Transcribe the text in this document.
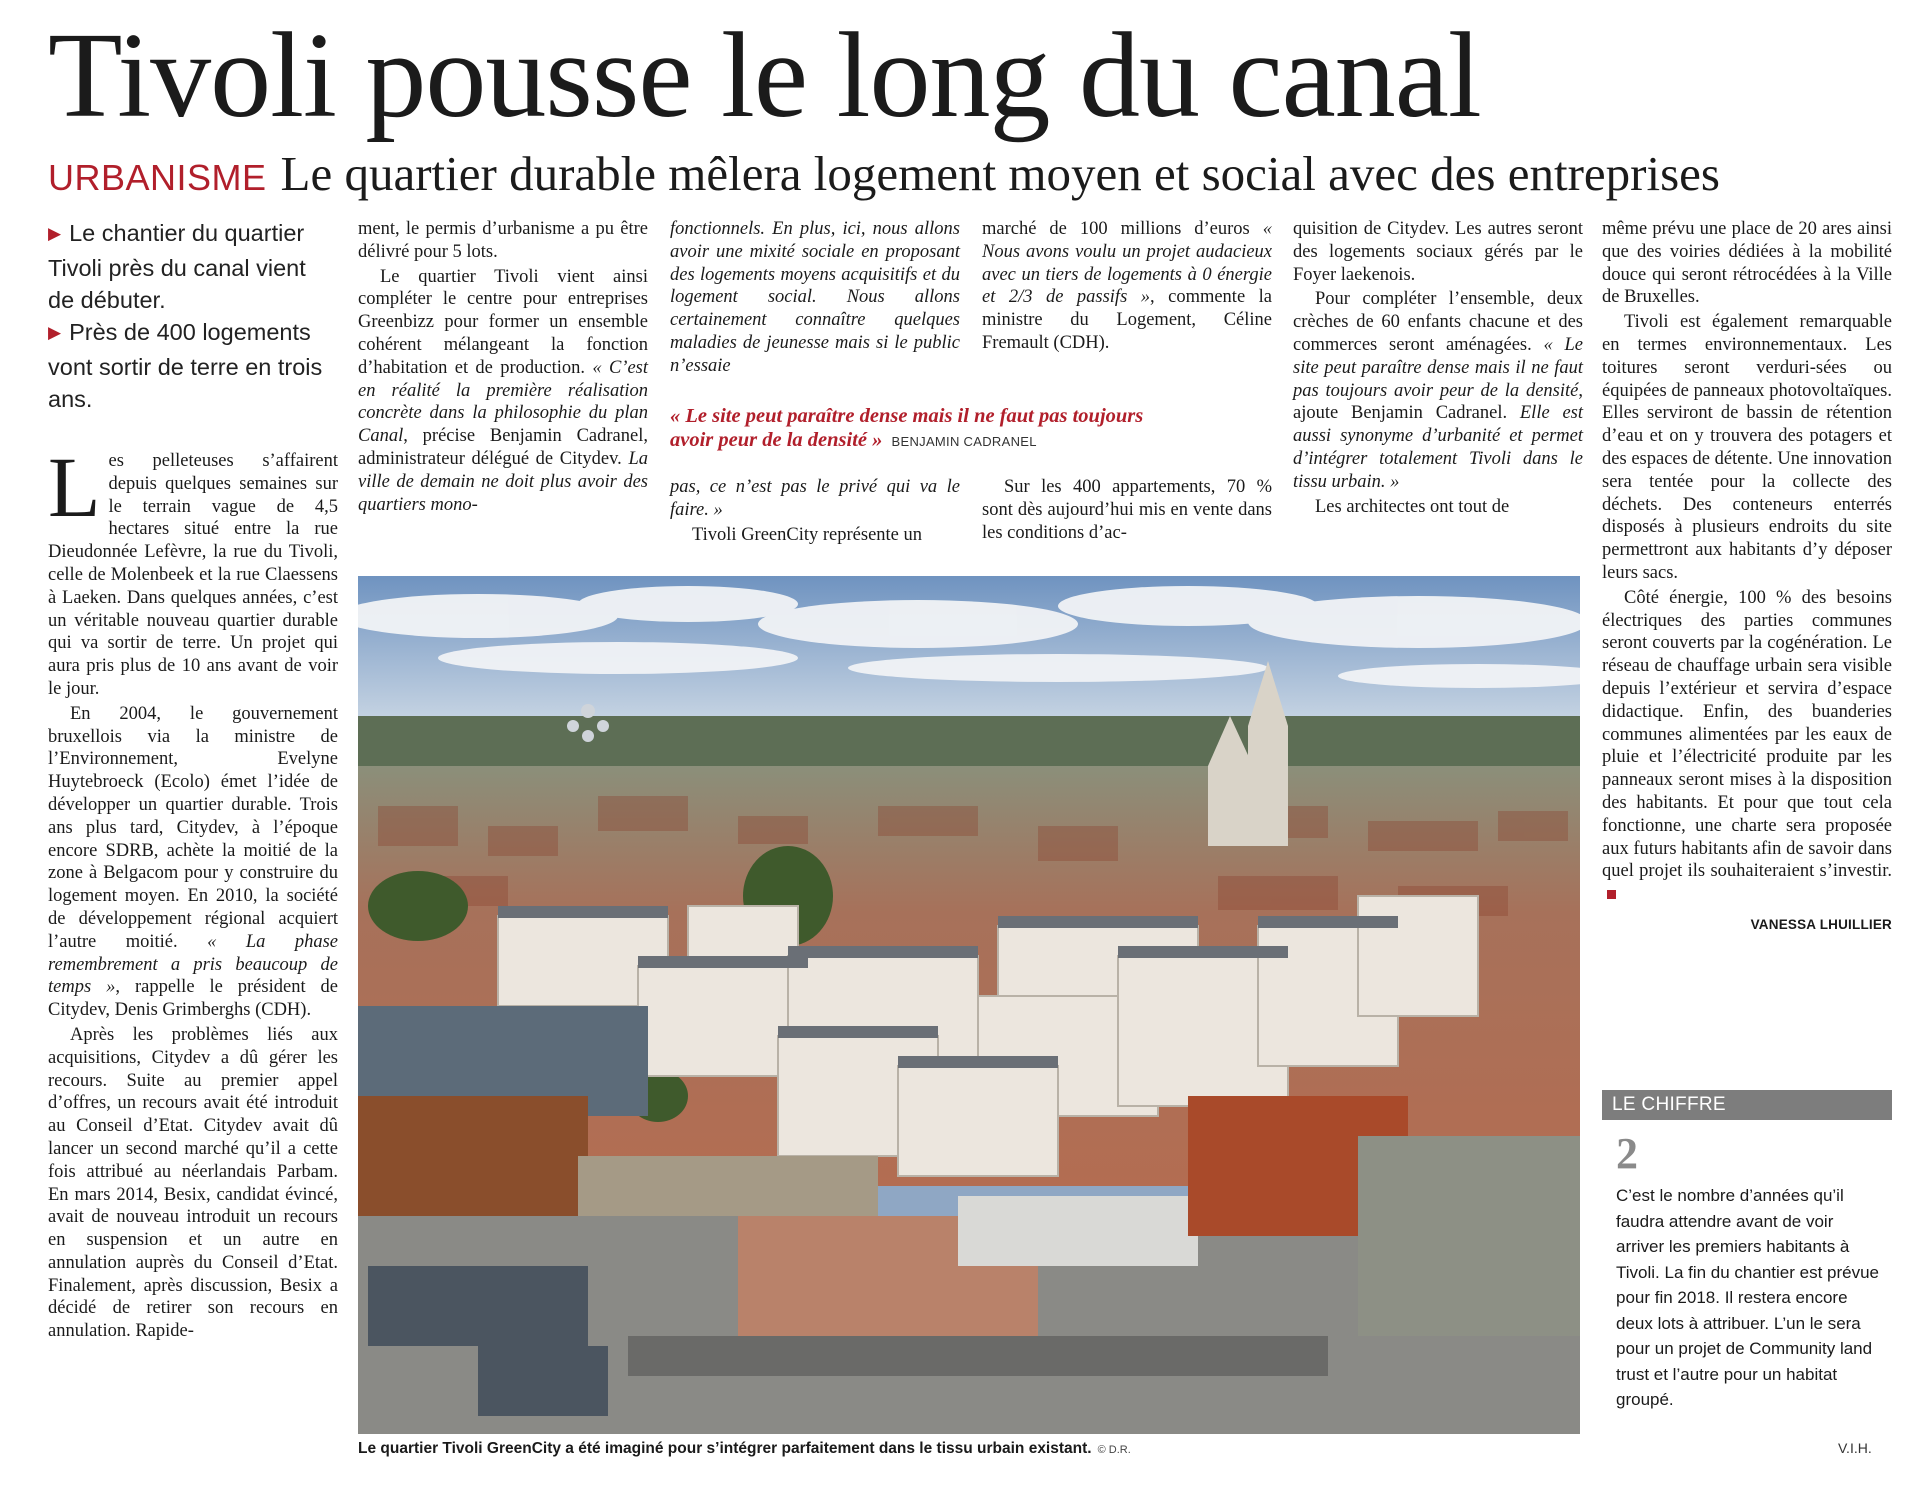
Tivoli pousse le long du canal
URBANISME Le quartier durable mêlera logement moyen et social avec des entreprises
▶ Le chantier du quartier Tivoli près du canal vient de débuter.
▶ Près de 400 logements vont sortir de terre en trois ans.

Les pelleteuses s’affairent depuis quelques semaines sur le terrain vague de 4,5 hectares situé entre la rue Dieudonnée Lefèvre, la rue du Tivoli, celle de Molenbeek et la rue Claessens à Laeken. Dans quelques années, c’est un véritable nouveau quartier durable qui va sortir de terre. Un projet qui aura pris plus de 10 ans avant de voir le jour.

En 2004, le gouvernement bruxellois via la ministre de l’Environnement, Evelyne Huytebroeck (Ecolo) émet l’idée de développer un quartier durable. Trois ans plus tard, Citydev, à l’époque encore SDRB, achète la moitié de la zone à Belgacom pour y construire du logement moyen. En 2010, la société de développement régional acquiert l’autre moitié. « La phase remembrement a pris beaucoup de temps », rappelle le président de Citydev, Denis Grimberghs (CDH).

Après les problèmes liés aux acquisitions, Citydev a dû gérer les recours. Suite au premier appel d’offres, un recours avait été introduit au Conseil d’Etat. Citydev avait dû lancer un second marché qu’il a cette fois attribué au néerlandais Parbam. En mars 2014, Besix, candidat évincé, avait de nouveau introduit un recours en suspension et un autre en annulation auprès du Conseil d’Etat. Finalement, après discussion, Besix a décidé de retirer son recours en annulation. Rapide-

ment, le permis d’urbanisme a pu être délivré pour 5 lots.

Le quartier Tivoli vient ainsi compléter le centre pour entreprises Greenbizz pour former un ensemble cohérent mélangeant la fonction d’habitation et de production. « C’est en réalité la première réalisation concrète dans la philosophie du plan Canal, précise Benjamin Cadranel, administrateur délégué de Citydev. La ville de demain ne doit plus avoir des quartiers mono-

fonctionnels. En plus, ici, nous allons avoir une mixité sociale en proposant des logements moyens acquisitifs et du logement social. Nous allons certainement connaître quelques maladies de jeunesse mais si le public n’essaie

« Le site peut paraître dense mais il ne faut pas toujours avoir peur de la densité » BENJAMIN CADRANEL

pas, ce n’est pas le privé qui va le faire. »

Tivoli GreenCity représente un

marché de 100 millions d’euros « Nous avons voulu un projet audacieux avec un tiers de logements à 0 énergie et 2/3 de passifs », commente la ministre du Logement, Céline Fremault (CDH).

Sur les 400 appartements, 70 % sont dès aujourd’hui mis en vente dans les conditions d’ac-

quisition de Citydev. Les autres seront des logements sociaux gérés par le Foyer laekenois.

Pour compléter l’ensemble, deux crèches de 60 enfants chacune et des commerces seront aménagées. « Le site peut paraître dense mais il ne faut pas toujours avoir peur de la densité, ajoute Benjamin Cadranel. Elle est aussi synonyme d’urbanité et permet d’intégrer totalement Tivoli dans le tissu urbain. »

Les architectes ont tout de

même prévu une place de 20 ares ainsi que des voiries dédiées à la mobilité douce qui seront rétrocédées à la Ville de Bruxelles.

Tivoli est également remarquable en termes environnementaux. Les toitures seront verduri-sées ou équipées de panneaux photovoltaïques. Elles serviront de bassin de rétention d’eau et on y trouvera des potagers et des espaces de détente. Une innovation sera tentée pour la collecte des déchets. Des conteneurs enterrés disposés à plusieurs endroits du site permettront aux habitants d’y déposer leurs sacs.

Côté énergie, 100 % des besoins électriques des parties communes seront couverts par la cogénération. Le réseau de chauffage urbain sera visible depuis l’extérieur et servira d’espace didactique. Enfin, des buanderies communes alimentées par les eaux de pluie et l’électricité produite par les panneaux seront mises à la disposition des habitants. Et pour que tout cela fonctionne, une charte sera proposée aux futurs habitants afin de savoir dans quel projet ils souhaiteraient s’investir.

VANESSA LHUILLIER
Le quartier Tivoli GreenCity a été imaginé pour s’intégrer parfaitement dans le tissu urbain existant. © D.R.
LE CHIFFRE
2
C’est le nombre d’années qu’il faudra attendre avant de voir arriver les premiers habitants à Tivoli. La fin du chantier est prévue pour fin 2018. Il restera encore deux lots à attribuer. L’un le sera pour un projet de Community land trust et l’autre pour un habitat groupé.
V.I.H.
